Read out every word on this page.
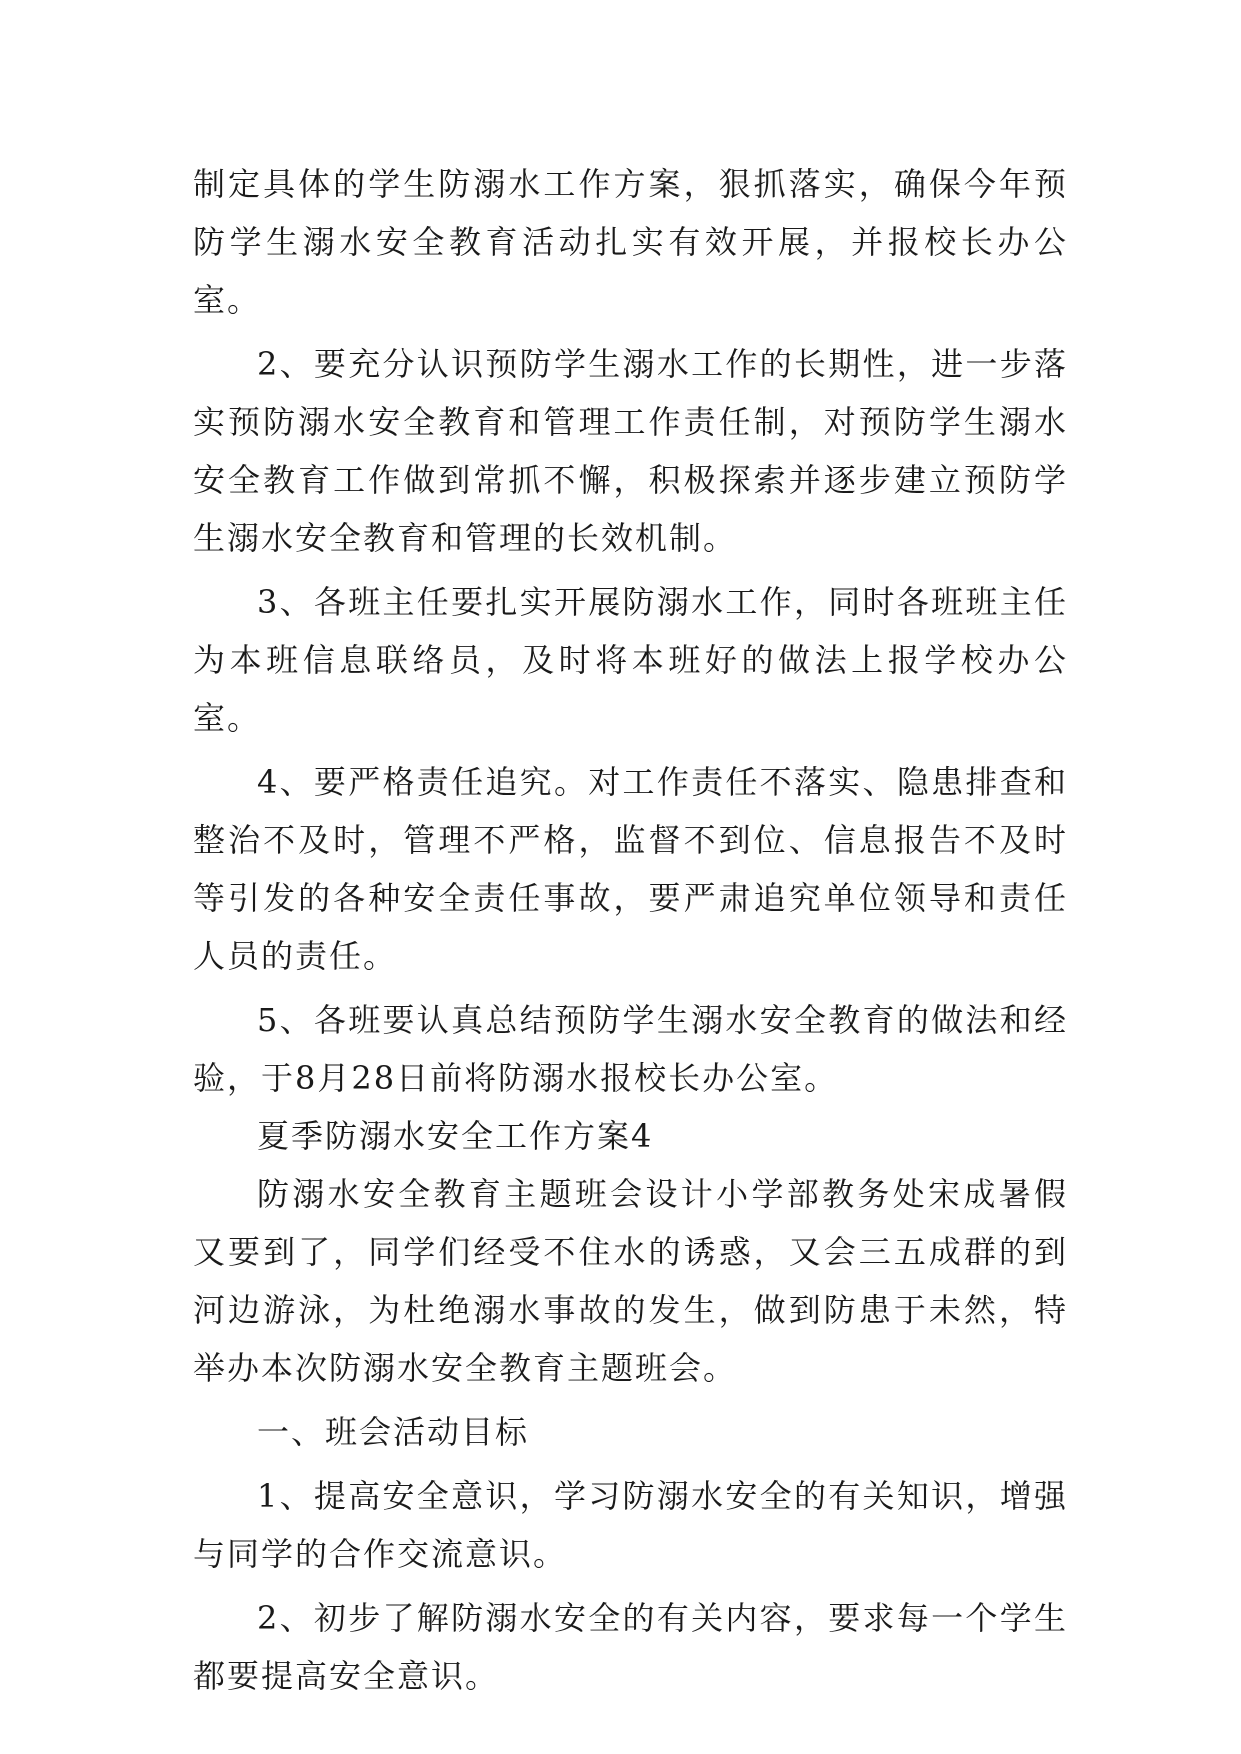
制定具体的学生防溺水工作方案，狠抓落实，确保今年预防学生溺水安全教育活动扎实有效开展，并报校长办公室。

2、要充分认识预防学生溺水工作的长期性，进一步落实预防溺水安全教育和管理工作责任制，对预防学生溺水安全教育工作做到常抓不懈，积极探索并逐步建立预防学生溺水安全教育和管理的长效机制。

3、各班主任要扎实开展防溺水工作，同时各班班主任为本班信息联络员，及时将本班好的做法上报学校办公室。

4、要严格责任追究。对工作责任不落实、隐患排查和整治不及时，管理不严格，监督不到位、信息报告不及时等引发的各种安全责任事故，要严肃追究单位领导和责任人员的责任。

5、各班要认真总结预防学生溺水安全教育的做法和经验，于8月28日前将防溺水报校长办公室。

夏季防溺水安全工作方案4

防溺水安全教育主题班会设计小学部教务处宋成暑假又要到了，同学们经受不住水的诱惑，又会三五成群的到河边游泳，为杜绝溺水事故的发生，做到防患于未然，特举办本次防溺水安全教育主题班会。

一、班会活动目标

1、提高安全意识，学习防溺水安全的有关知识，增强与同学的合作交流意识。

2、初步了解防溺水安全的有关内容，要求每一个学生都要提高安全意识。
